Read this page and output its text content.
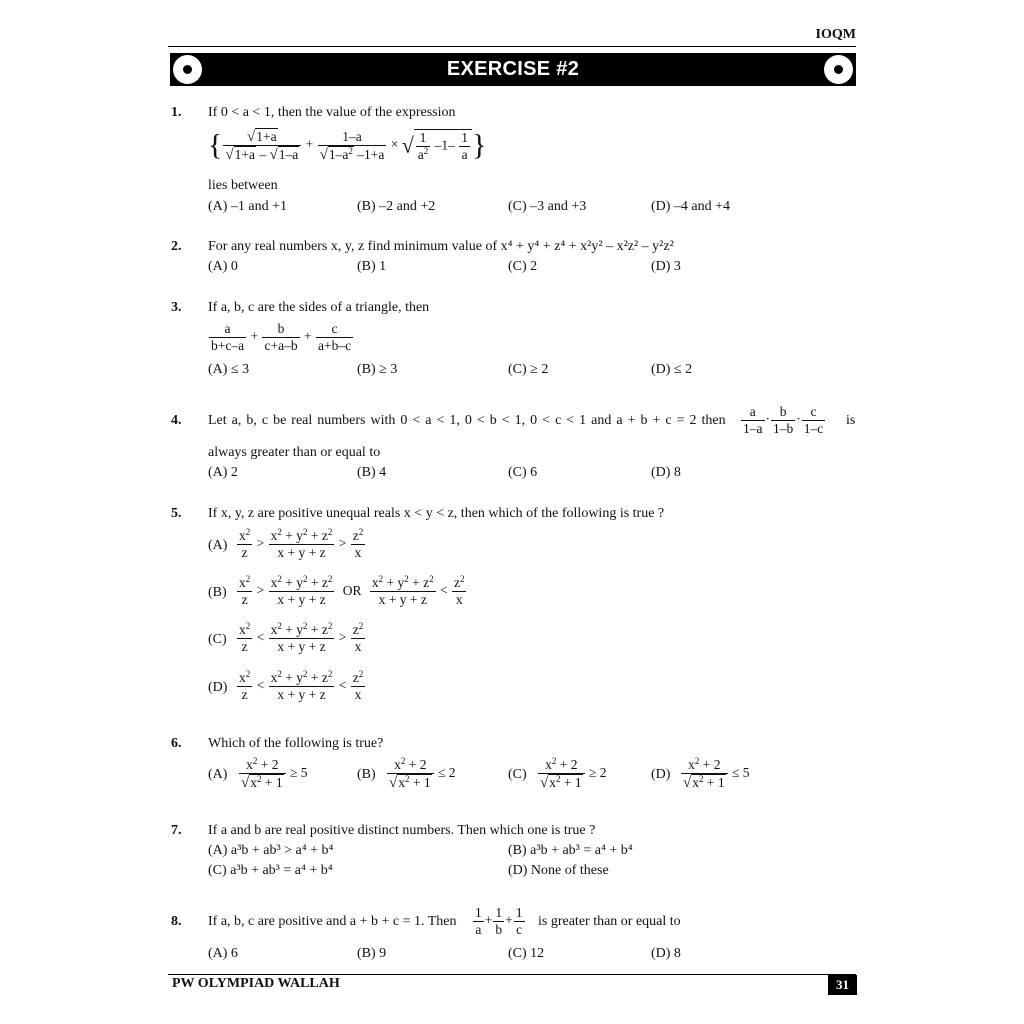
IOQM
EXERCISE #2
1. If 0 < a < 1, then the value of the expression
{ $\frac{√1+a}{√1+a - √1-a} + \frac{1-a}{√1-a^2 -1+a}$ × √ $\frac{1}{a^2} -1- \frac{1}{a}$ }
lies between
(A) –1 and +1	(B) –2 and +2	(C) –3 and +3	(D) –4 and +4
2. For any real numbers x, y, z find minimum value of x⁴ + y⁴ + z⁴ + x²y² – x²z² – y²z²
(A) 0	(B) 1	(C) 2	(D) 3
3. If a, b, c are the sides of a triangle, then
$\frac{a}{b+c-a} + \frac{b}{c+a-b} + \frac{c}{a+b-c}$
(A) ≤ 3	(B) ≥ 3	(C) ≥ 2	(D) ≤ 2
4. Let a, b, c be real numbers with 0 < a < 1, 0 < b < 1, 0 < c < 1 and a + b + c = 2 then $\frac{a}{1-a} \cdot \frac{b}{1-b} \cdot \frac{c}{1-c}$ is
always greater than or equal to
(A) 2	(B) 4	(C) 6	(D) 8
5. If x, y, z are positive unequal reals x < y < z, then which of the following is true ?
$(A) \frac{x^2}{z} > \frac{x^2 + y^2 + z^2}{x + y + z} > \frac{z^2}{x}$
$(B) \frac{x^2}{z} > \frac{x^2 + y^2 + z^2}{x + y + z}$ OR $\frac{x^2 + y^2 + z^2}{x + y + z} < \frac{z^2}{x}$
$(C) \frac{x^2}{z} < \frac{x^2 + y^2 + z^2}{x + y + z} > \frac{z^2}{x}$
$(D) \frac{x^2}{z} < \frac{x^2 + y^2 + z^2}{x + y + z} < \frac{z^2}{x}$
6. Which of the following is true?
$(A) \frac{x^2 + 2}{√x^2 + 1} \ge 5$	$(B) \frac{x^2 + 2}{√x^2 + 1} \le 2$	$(C) \frac{x^2 + 2}{√x^2 + 1} \ge 2$	$(D) \frac{x^2 + 2}{√x^2 + 1} \le 5$
7. If a and b are real positive distinct numbers. Then which one is true ?
(A) a³b + ab³ > a⁴ + b⁴	(B) a³b + ab³ = a⁴ + b⁴
(C) a³b + ab³ = a⁴ + b⁴	(D) None of these
8. If a, b, c are positive and a + b + c = 1. Then $\frac{1}{a} + \frac{1}{b} + \frac{1}{c}$ is greater than or equal to
(A) 6	(B) 9	(C) 12	(D) 8
PW OLYMPIAD WALLAH	31
